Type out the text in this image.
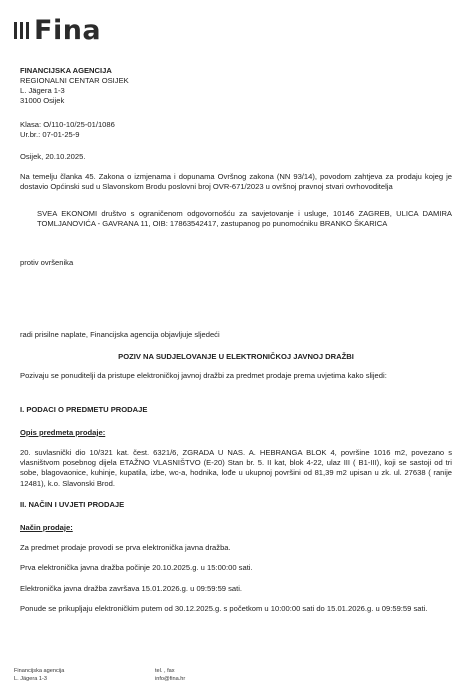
Fina
FINANCIJSKA AGENCIJA
REGIONALNI CENTAR OSIJEK
L. Jägera 1-3
31000 Osijek
Klasa: O/110-10/25-01/1086
Ur.br.: 07-01-25-9
Osijek, 20.10.2025.
Na temelju članka 45. Zakona o izmjenama i dopunama Ovršnog zakona (NN 93/14), povodom zahtjeva za prodaju kojeg je dostavio Općinski sud u Slavonskom Brodu poslovni broj OVR-671/2023 u ovršnoj pravnoj stvari ovrhovoditelja
SVEA EKONOMI društvo s ograničenom odgovornošću za savjetovanje i usluge, 10146 ZAGREB, ULICA DAMIRA TOMLJANOVIĆA - GAVRANA 11, OIB: 17863542417, zastupanog po punomoćniku BRANKO ŠKARICA
protiv ovršenika
radi prisilne naplate, Financijska agencija objavljuje sljedeći
POZIV NA SUDJELOVANJE U ELEKTRONIČKOJ JAVNOJ DRAŽBI
Pozivaju se ponuditelji da pristupe elektroničkoj javnoj dražbi za predmet prodaje prema uvjetima kako slijedi:
I. PODACI O PREDMETU PRODAJE
Opis predmeta prodaje:
20. suvlasnički dio 10/321 kat. čest. 6321/6, ZGRADA U NAS. A. HEBRANGA BLOK 4, površine 1016 m2, povezano s vlasništvom posebnog dijela ETAŽNO VLASNIŠTVO (E-20) Stan br. 5. II kat, blok 4-22, ulaz III ( B1-III), koji se sastoji od tri sobe, blagovaonice, kuhinje, kupatila, izbe, wc-a, hodnika, lođe u ukupnoj površini od 81,39 m2 upisan u zk. ul. 27638 ( ranije 12481), k.o. Slavonski Brod.
II. NAČIN I UVJETI PRODAJE
Način prodaje:
Za predmet prodaje provodi se prva elektronička javna dražba.
Prva elektronička javna dražba počinje 20.10.2025.g. u 15:00:00 sati.
Elektronička javna dražba završava 15.01.2026.g. u 09:59:59 sati.
Ponude se prikupljaju elektroničkim putem od 30.12.2025.g. s početkom u 10:00:00 sati do 15.01.2026.g. u 09:59:59 sati.
Financijska agencija
L. Jägera 1-3
tel. , fax
info@fina.hr
